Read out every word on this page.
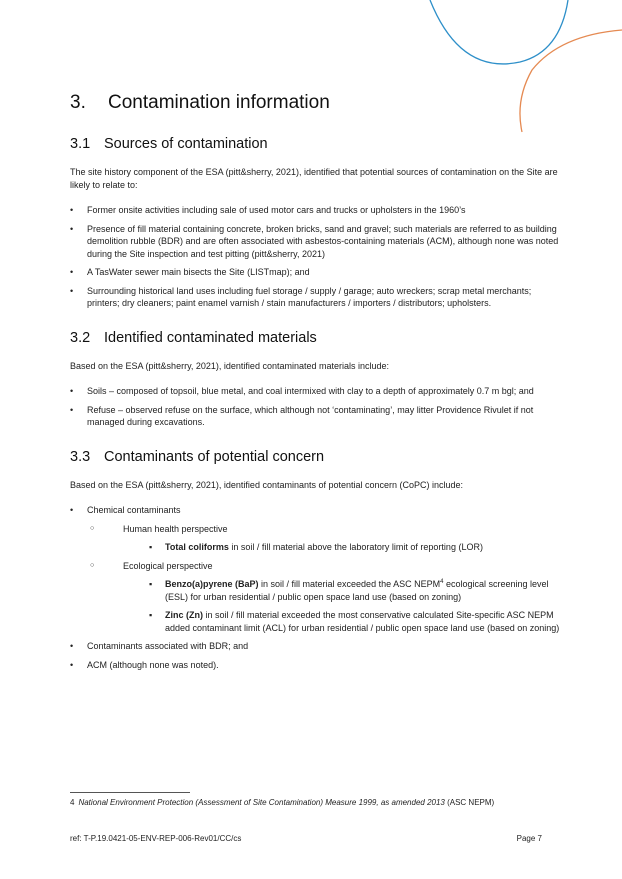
3. Contamination information
3.1 Sources of contamination

The site history component of the ESA (pitt&sherry, 2021), identified that potential sources of contamination on the Site are likely to relate to:

• Former onsite activities including sale of used motor cars and trucks or upholsters in the 1960’s
• Presence of fill material containing concrete, broken bricks, sand and gravel; such materials are referred to as building demolition rubble (BDR) and are often associated with asbestos-containing materials (ACM), although none was noted during the Site inspection and test pitting (pitt&sherry, 2021)
• A TasWater sewer main bisects the Site (LISTmap); and
• Surrounding historical land uses including fuel storage / supply / garage; auto wreckers; scrap metal merchants; printers; dry cleaners; paint enamel varnish / stain manufacturers / importers / distributors; upholsters.
3.2 Identified contaminated materials

Based on the ESA (pitt&sherry, 2021), identified contaminated materials include:

• Soils – composed of topsoil, blue metal, and coal intermixed with clay to a depth of approximately 0.7 m bgl; and
• Refuse – observed refuse on the surface, which although not ‘contaminating’, may litter Providence Rivulet if not managed during excavations.
3.3 Contaminants of potential concern

Based on the ESA (pitt&sherry, 2021), identified contaminants of potential concern (CoPC) include:

• Chemical contaminants
○ Human health perspective
▪ Total coliforms in soil / fill material above the laboratory limit of reporting (LOR)
○ Ecological perspective
▪ Benzo(a)pyrene (BaP) in soil / fill material exceeded the ASC NEPM$^4$ ecological screening level (ESL) for urban residential / public open space land use (based on zoning)
▪ Zinc (Zn) in soil / fill material exceeded the most conservative calculated Site-specific ASC NEPM added contaminant limit (ACL) for urban residential / public open space land use (based on zoning)
• Contaminants associated with BDR; and
• ACM (although none was noted).
4 National Environment Protection (Assessment of Site Contamination) Measure 1999, as amended 2013 (ASC NEPM)
ref: T-P.19.0421-05-ENV-REP-006-Rev01/CC/cs	Page 7
